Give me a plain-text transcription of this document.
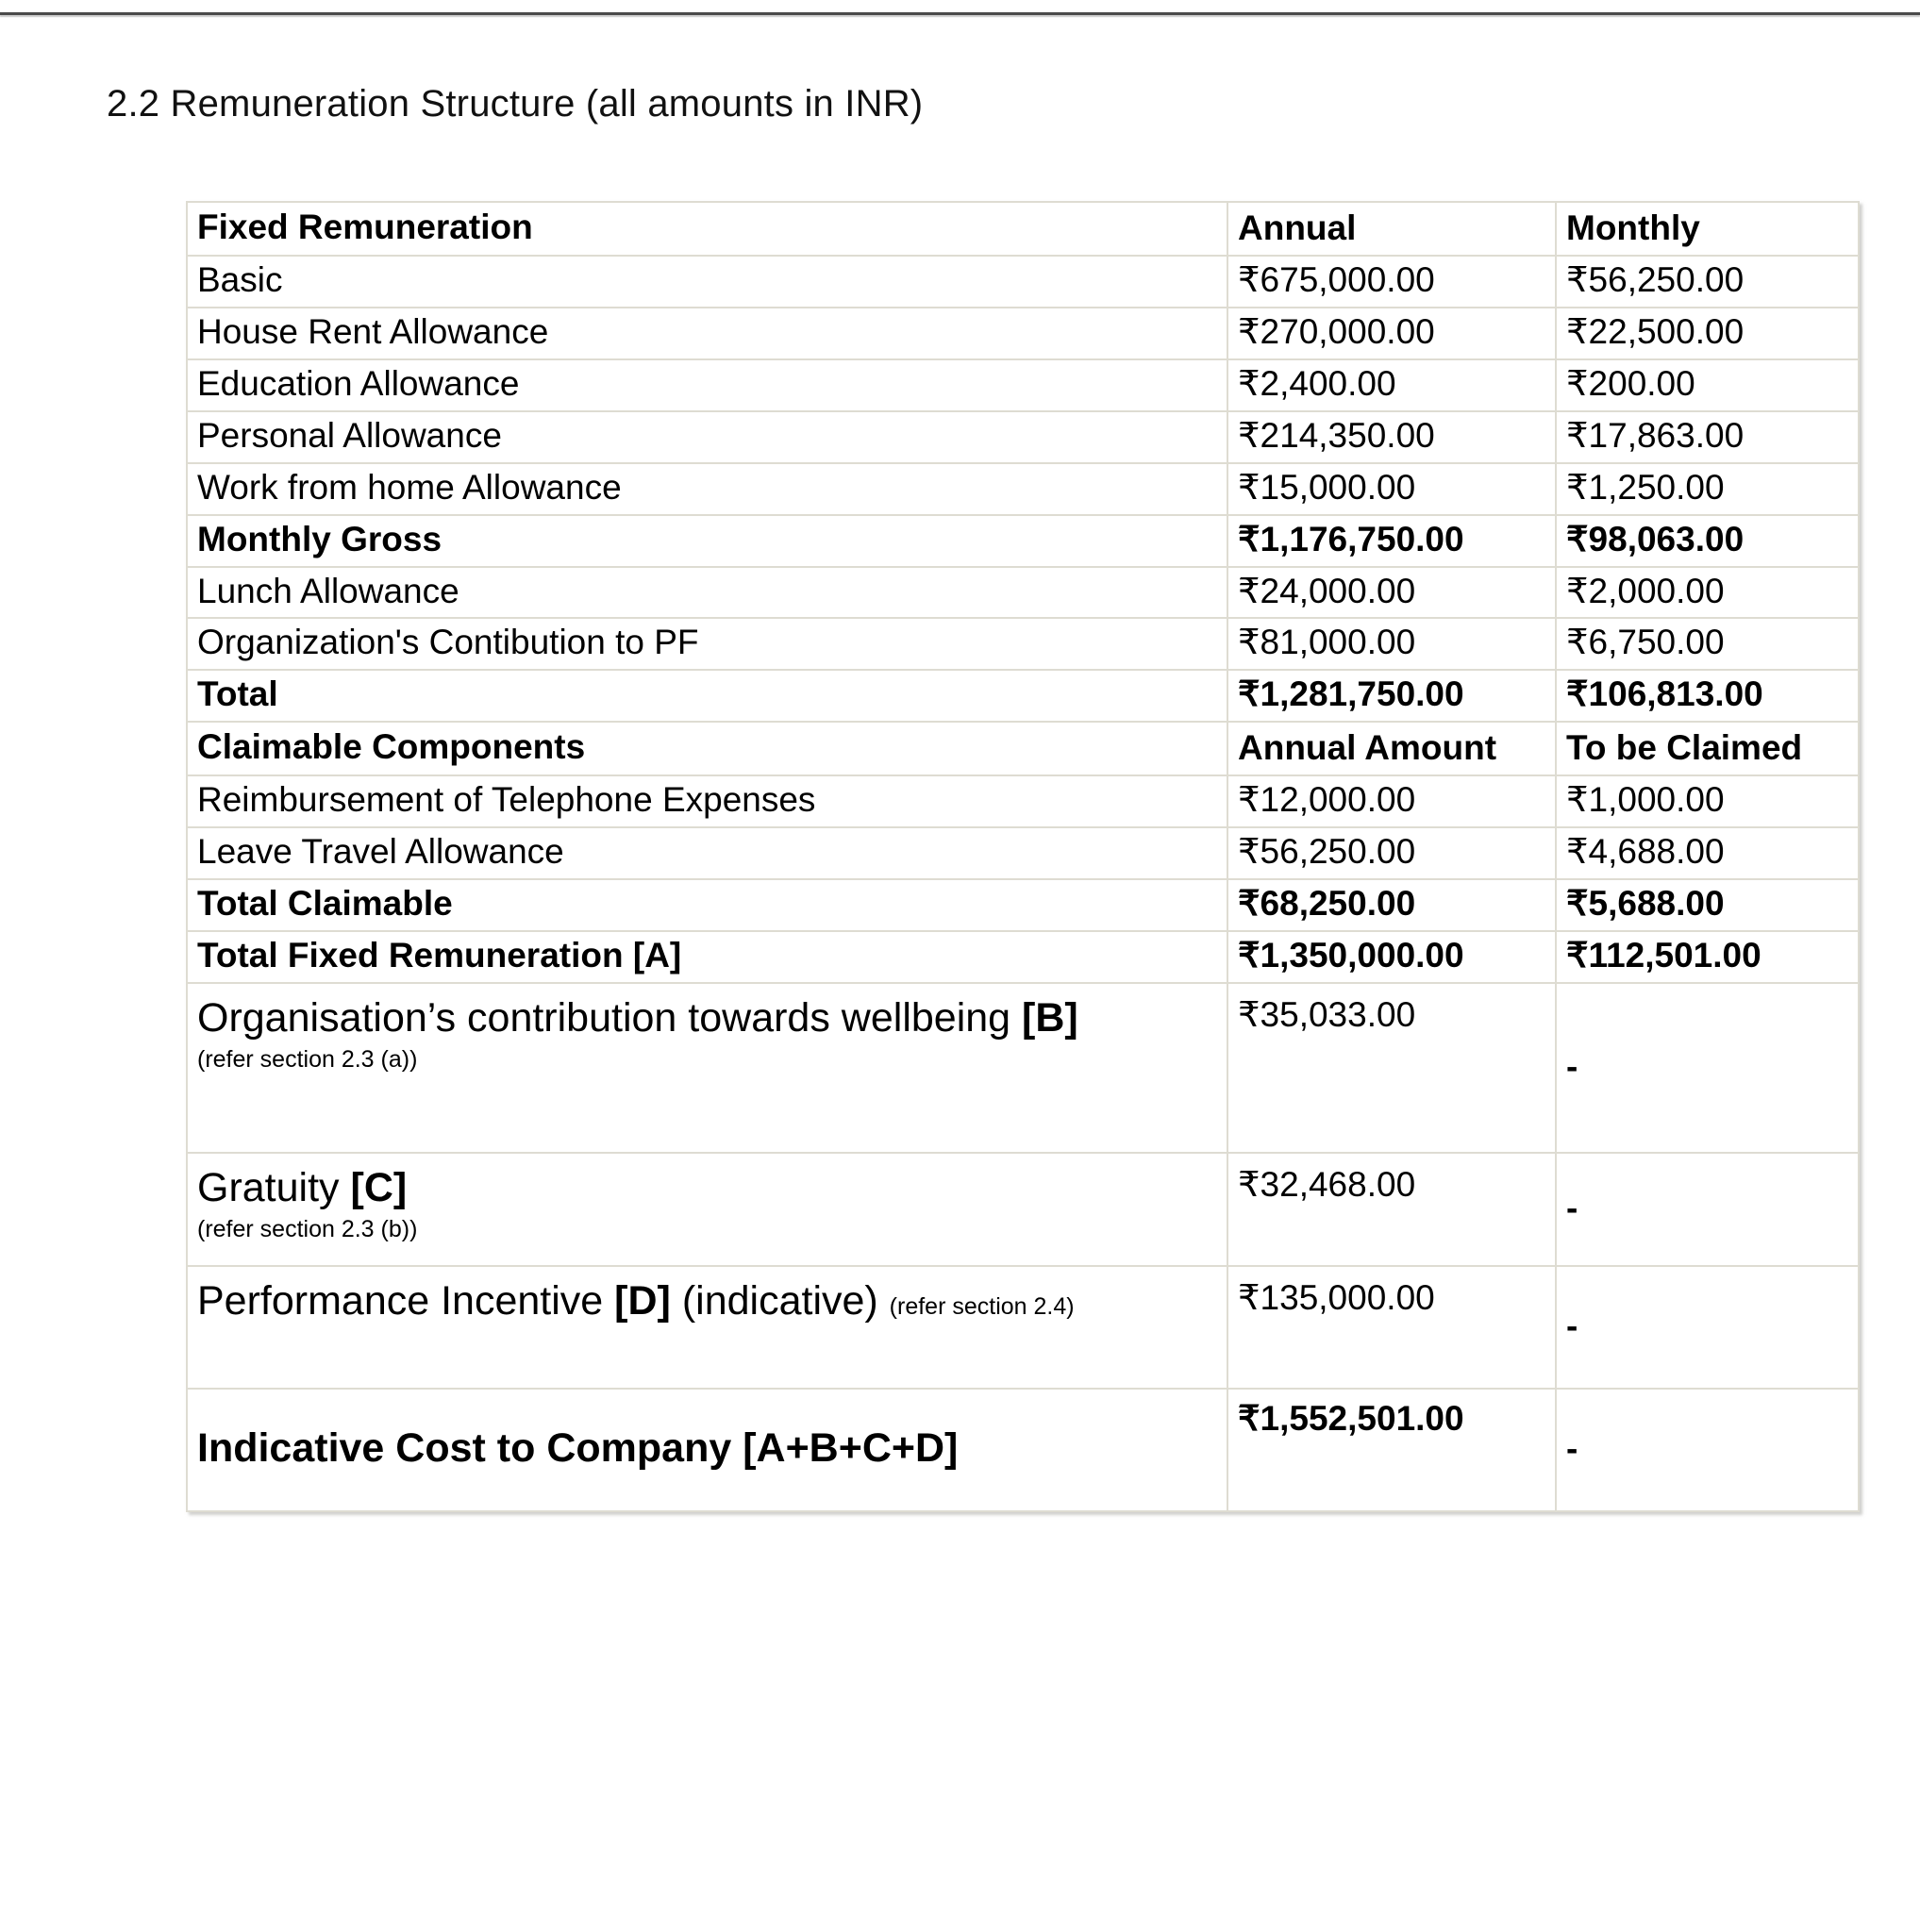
2.2 Remuneration Structure (all amounts in INR)
Fixed Remuneration	Annual	Monthly
Basic	₹675,000.00	₹56,250.00
House Rent Allowance	₹270,000.00	₹22,500.00
Education Allowance	₹2,400.00	₹200.00
Personal Allowance	₹214,350.00	₹17,863.00
Work from home Allowance	₹15,000.00	₹1,250.00
Monthly Gross	₹1,176,750.00	₹98,063.00
Lunch Allowance	₹24,000.00	₹2,000.00
Organization's Contibution to PF	₹81,000.00	₹6,750.00
Total	₹1,281,750.00	₹106,813.00
Claimable Components	Annual Amount	To be Claimed
Reimbursement of Telephone Expenses	₹12,000.00	₹1,000.00
Leave Travel Allowance	₹56,250.00	₹4,688.00
Total Claimable	₹68,250.00	₹5,688.00
Total Fixed Remuneration [A]	₹1,350,000.00	₹112,501.00

Organisation’s contribution towards wellbeing [B]
(refer section 2.3 (a))	₹35,033.00	-

Gratuity [C]
(refer section 2.3 (b))	₹32,468.00	-

Performance Incentive [D] (indicative) (refer section 2.4)	₹135,000.00	-

Indicative Cost to Company [A+B+C+D]	₹1,552,501.00	-
